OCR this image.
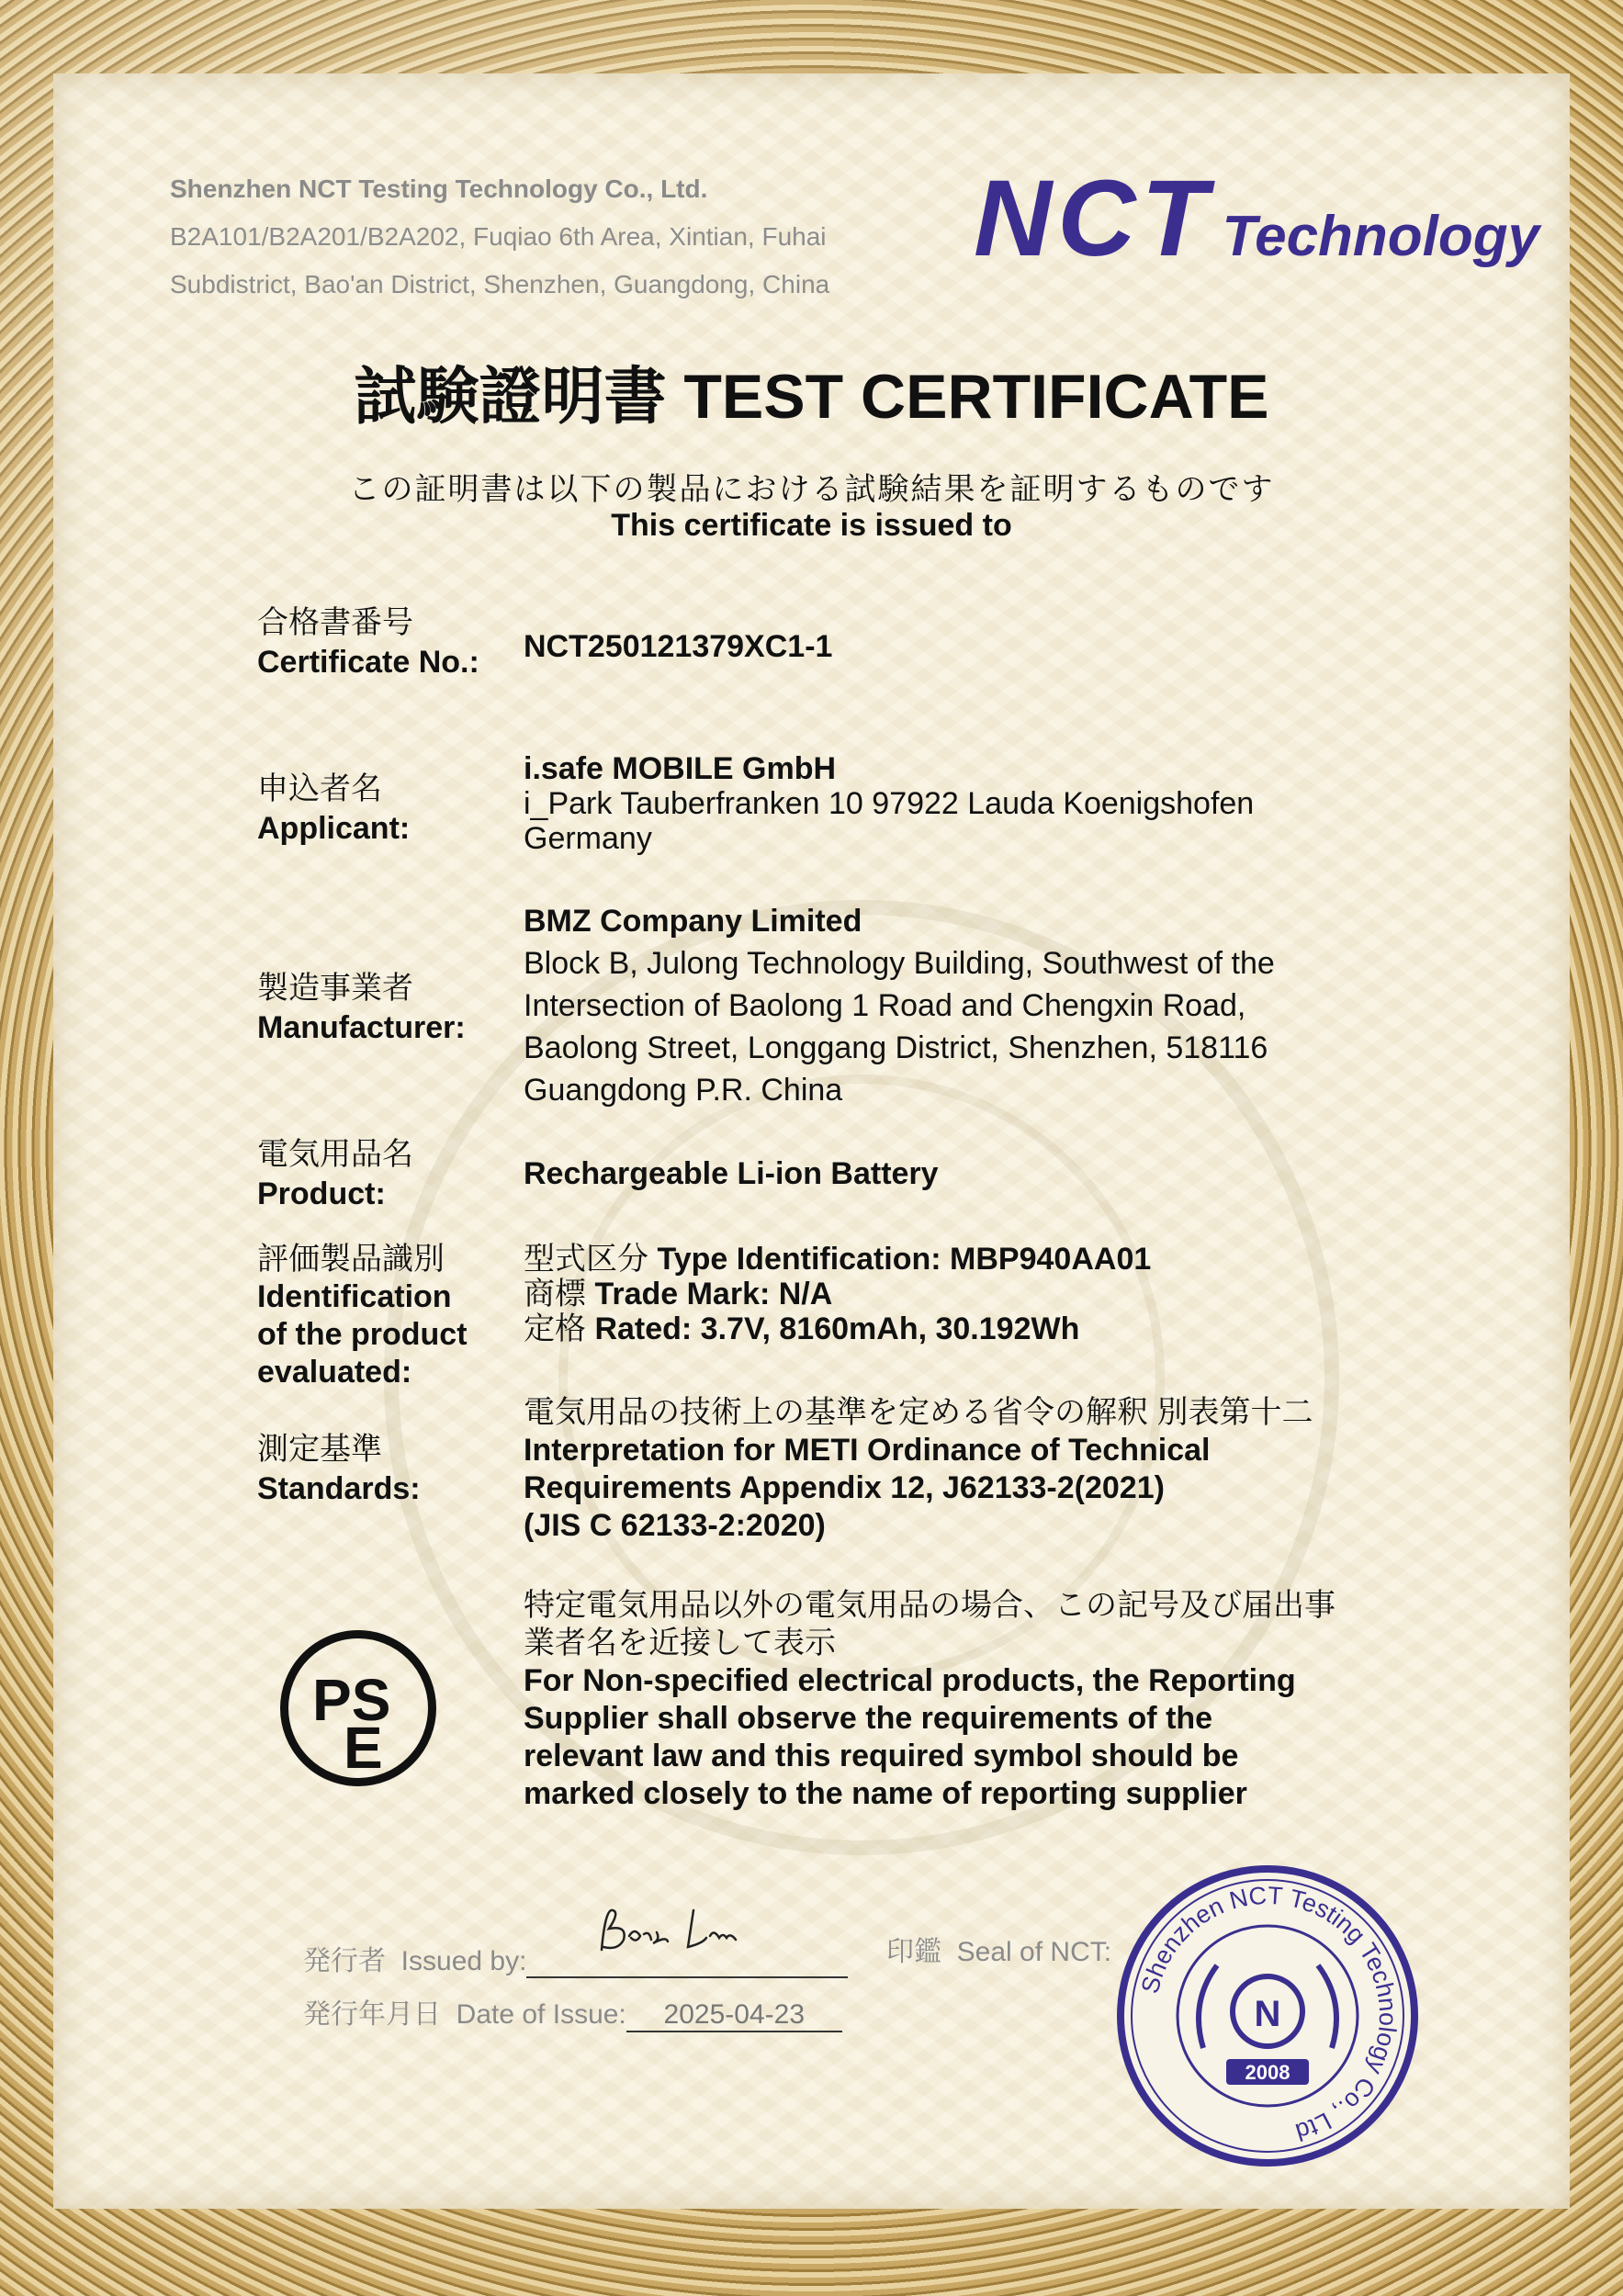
Shenzhen NCT Testing Technology Co., Ltd.
B2A101/B2A201/B2A202, Fuqiao 6th Area, Xintian, Fuhai
Subdistrict, Bao'an District, Shenzhen, Guangdong, China
NCT Technology
試験證明書 TEST CERTIFICATE
この証明書は以下の製品における試験結果を証明するものです
This certificate is issued to
合格書番号
Certificate No.: NCT250121379XC1-1
申込者名
Applicant:
i.safe MOBILE GmbH
i_Park Tauberfranken 10 97922 Lauda Koenigshofen
Germany
製造事業者
Manufacturer:
BMZ Company Limited
Block B, Julong Technology Building, Southwest of the
Intersection of Baolong 1 Road and Chengxin Road,
Baolong Street, Longgang District, Shenzhen, 518116
Guangdong P.R. China
電気用品名
Product:
Rechargeable Li-ion Battery
評価製品識別
Identification
of the product
evaluated:
型式区分 Type Identification: MBP940AA01
商標 Trade Mark: N/A
定格 Rated: 3.7V, 8160mAh, 30.192Wh
測定基準
Standards:
電気用品の技術上の基準を定める省令の解釈 別表第十二
Interpretation for METI Ordinance of Technical
Requirements Appendix 12, J62133-2(2021)
(JIS C 62133-2:2020)
PS
E
特定電気用品以外の電気用品の場合、この記号及び届出事
業者名を近接して表示
For Non-specified electrical products, the Reporting
Supplier shall observe the requirements of the
relevant law and this required symbol should be
marked closely to the name of reporting supplier
発行者 Issued by:
発行年月日 Date of Issue: 2025-04-23
印鑑 Seal of NCT:
Shenzhen NCT Testing Technology Co., Ltd
N
2008
